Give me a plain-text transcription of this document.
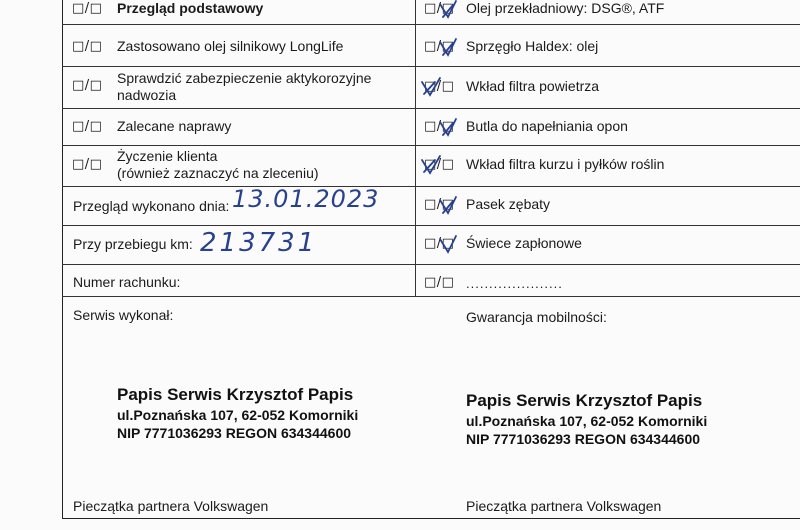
□/□ Przegląd podstawowy
□/□ Zastosowano olej silnikowy LongLife
□/□ Sprawdzić zabezpieczenie aktykorozyjne
nadwozia
□/□ Zalecane naprawy
□/□
Życzenie klienta
(również zaznaczyć na zleceniu)
Przegląd wykonano dnia: 13.01.2023
Przy przebiegu km: 213731
Numer rachunku:
□/□ Olej przekładniowy: DSG®, ATF
□/□ Sprzęgło Haldex: olej
□/□ Wkład filtra powietrza
□/□ Butla do napełniania opon
□/□ Wkład filtra kurzu i pyłków roślin
□/□ Pasek zębaty
□/□ Świece zapłonowe
□/□ .....................
Serwis wykonał:	Gwarancja mobilności:
Papis Serwis Krzysztof Papis
ul.Poznańska 107, 62-052 Komorniki
NIP 7771036293 REGON 634344600
Papis Serwis Krzysztof Papis
ul.Poznańska 107, 62-052 Komorniki
NIP 7771036293 REGON 634344600
Pieczątka partnera Volkswagen	Pieczątka partnera Volkswagen
